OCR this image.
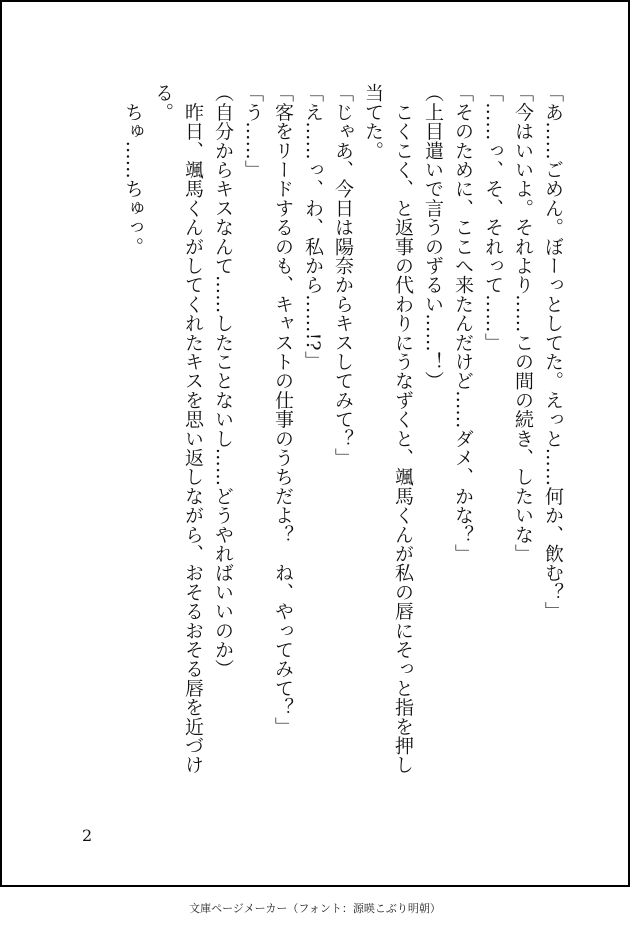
「あ……ごめん。ぼーっとしてた。えっと……何か、飲む？」
「今はいいよ。それより……この間の続き、したいな」
「……っ、そ、それって……」
「そのために、ここへ来たんだけど……ダメ、かな？」
（上目遣いで言うのずるい……！）
　こくこく、と返事の代わりにうなずくと、颯馬くんが私の唇にそっと指を押し
当てた。
「じゃあ、今日は陽奈からキスしてみて？」
「え……っ、わ、私から……!?」
「客をリードするのも、キャストの仕事のうちだよ？　ね、やってみて？」
「う……」
（自分からキスなんて……したことないし……どうやればいいのか）
　昨日、颯馬くんがしてくれたキスを思い返しながら、おそるおそる唇を近づけ
る。
　ちゅ……ちゅっ。
2
文庫ページメーカー（フォント：源暎こぶり明朝）
